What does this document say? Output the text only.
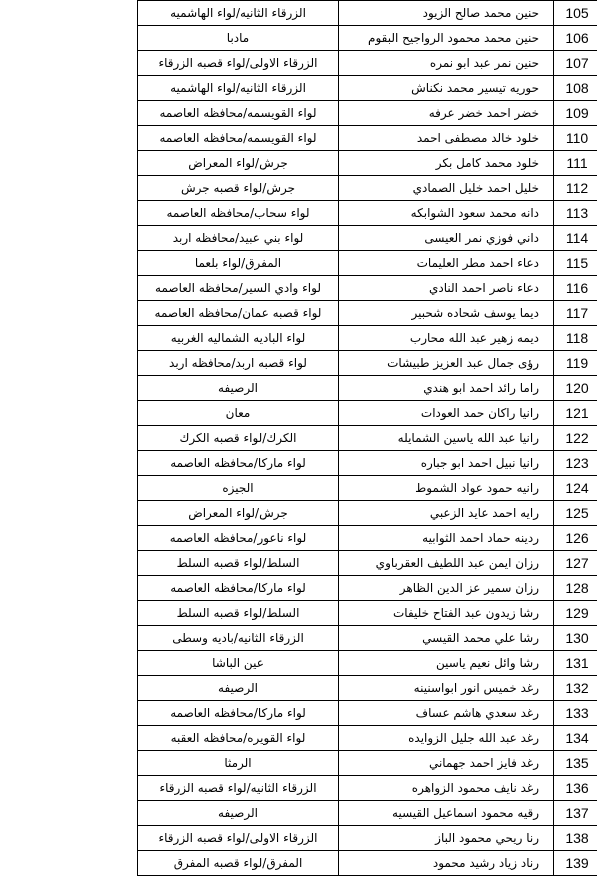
الزرقاء الثانيه/لواء الهاشميه	حنين محمد صالح الزيود	105
مادبا	حنين محمد محمود الرواجيح البقوم	106
الزرقاء الاولى/لواء قصبه الزرقاء	حنين نمر عبد ابو نمره	107
الزرقاء الثانيه/لواء الهاشميه	حوريه تيسير محمد نكناش	108
لواء القويسمه/محافظه العاصمه	خضر احمد خضر عرفه	109
لواء القويسمه/محافظه العاصمه	خلود خالد مصطفى احمد	110
جرش/لواء المعراض	خلود محمد كامل بكر	111
جرش/لواء قصبه جرش	خليل احمد خليل الصمادي	112
لواء سحاب/محافظه العاصمه	دانه محمد سعود الشوابكه	113
لواء بني عبيد/محافظه اربد	داني فوزي نمر العيسى	114
المفرق/لواء بلعما	دعاء احمد مطر العليمات	115
لواء وادي السير/محافظه العاصمه	دعاء ناصر احمد النادي	116
لواء قصبه عمان/محافظه العاصمه	ديما يوسف شحاده شحبير	117
لواء الباديه الشماليه الغربيه	ديمه زهير عبد الله محارب	118
لواء قصبه اربد/محافظه اربد	رؤى جمال عبد العزيز طبيشات	119
الرصيفه	راما رائد احمد ابو هندي	120
معان	رانيا راكان حمد العودات	121
الكرك/لواء قصبه الكرك	رانيا عبد الله ياسين الشمايله	122
لواء ماركا/محافظه العاصمه	رانيا نبيل احمد ابو جباره	123
الجيزه	رانيه حمود عواد الشموط	124
جرش/لواء المعراض	رايه احمد عايد الزعبي	125
لواء ناعور/محافظه العاصمه	ردينه حماد احمد الثوابيه	126
السلط/لواء قصبه السلط	رزان ايمن عبد اللطيف العقرباوي	127
لواء ماركا/محافظه العاصمه	رزان سمير عز الدين الظاهر	128
السلط/لواء قصبه السلط	رشا زيدون عبد الفتاح خليفات	129
الزرقاء الثانيه/باديه وسطى	رشا علي محمد القيسي	130
عين الباشا	رشا وائل نعيم ياسين	131
الرصيفه	رغد خميس انور ابواسنينه	132
لواء ماركا/محافظه العاصمه	رغد سعدي هاشم عساف	133
لواء القويره/محافظه العقبه	رغد عبد الله جليل الزوايده	134
الرمثا	رغد فايز احمد جهماني	135
الزرقاء الثانيه/لواء قصبه الزرقاء	رغد نايف محمود الزواهره	136
الرصيفه	رقيه محمود اسماعيل القيسيه	137
الزرقاء الاولى/لواء قصبه الزرقاء	رنا ريحي محمود الباز	138
المفرق/لواء قصبه المفرق	رناد زياد رشيد محمود	139
